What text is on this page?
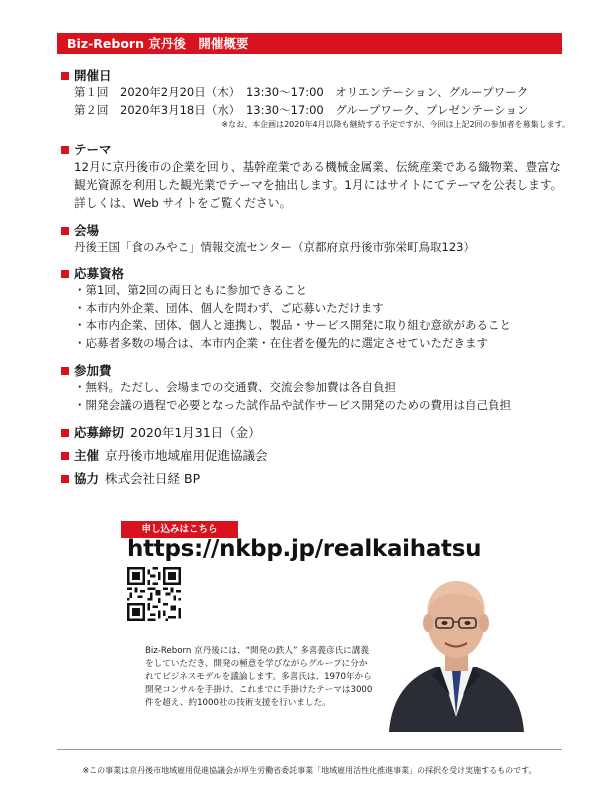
Biz-Reborn 京丹後　開催概要
開催日
第１回　2020年2月20日（木）　13:30～17:00　オリエンテーション、グループワーク
第２回　2020年3月18日（水）　13:30～17:00　グループワーク、プレゼンテーション
※なお、本企画は2020年4月以降も継続する予定ですが、今回は上記2回の参加者を募集します。
テーマ
12月に京丹後市の企業を回り、基幹産業である機械金属業、伝統産業である織物業、豊富な観光資源を利用した観光業でテーマを抽出します。1月にはサイトにてテーマを公表します。詳しくは、Web サイトをご覧ください。
会場
丹後王国「食のみやこ」情報交流センター（京都府京丹後市弥栄町鳥取123）
応募資格
・第1回、第2回の両日ともに参加できること
・本市内外企業、団体、個人を問わず、ご応募いただけます
・本市内企業、団体、個人と連携し、製品・サービス開発に取り組む意欲があること
・応募者多数の場合は、本市内企業・在住者を優先的に選定させていただきます
参加費
・無料。ただし、会場までの交通費、交流会参加費は各自負担
・開発会議の過程で必要となった試作品や試作サービス開発のための費用は自己負担
応募締切 2020年1月31日（金）
主催 京丹後市地域雇用促進協議会
協力 株式会社日経 BP
申し込みはこちら
https://nkbp.jp/realkaihatsu
Biz-Reborn 京丹後には、“開発の鉄人” 多喜義彦氏に講義をしていただき、開発の極意を学びながらグループに分かれてビジネスモデルを議論します。多喜氏は、1970年から開発コンサルを手掛け、これまでに手掛けたテーマは3000件を超え、約1000社の技術支援を行いました。
※この事業は京丹後市地域雇用促進協議会が厚生労働省委託事業「地域雇用活性化推進事業」の採択を受け実施するものです。
